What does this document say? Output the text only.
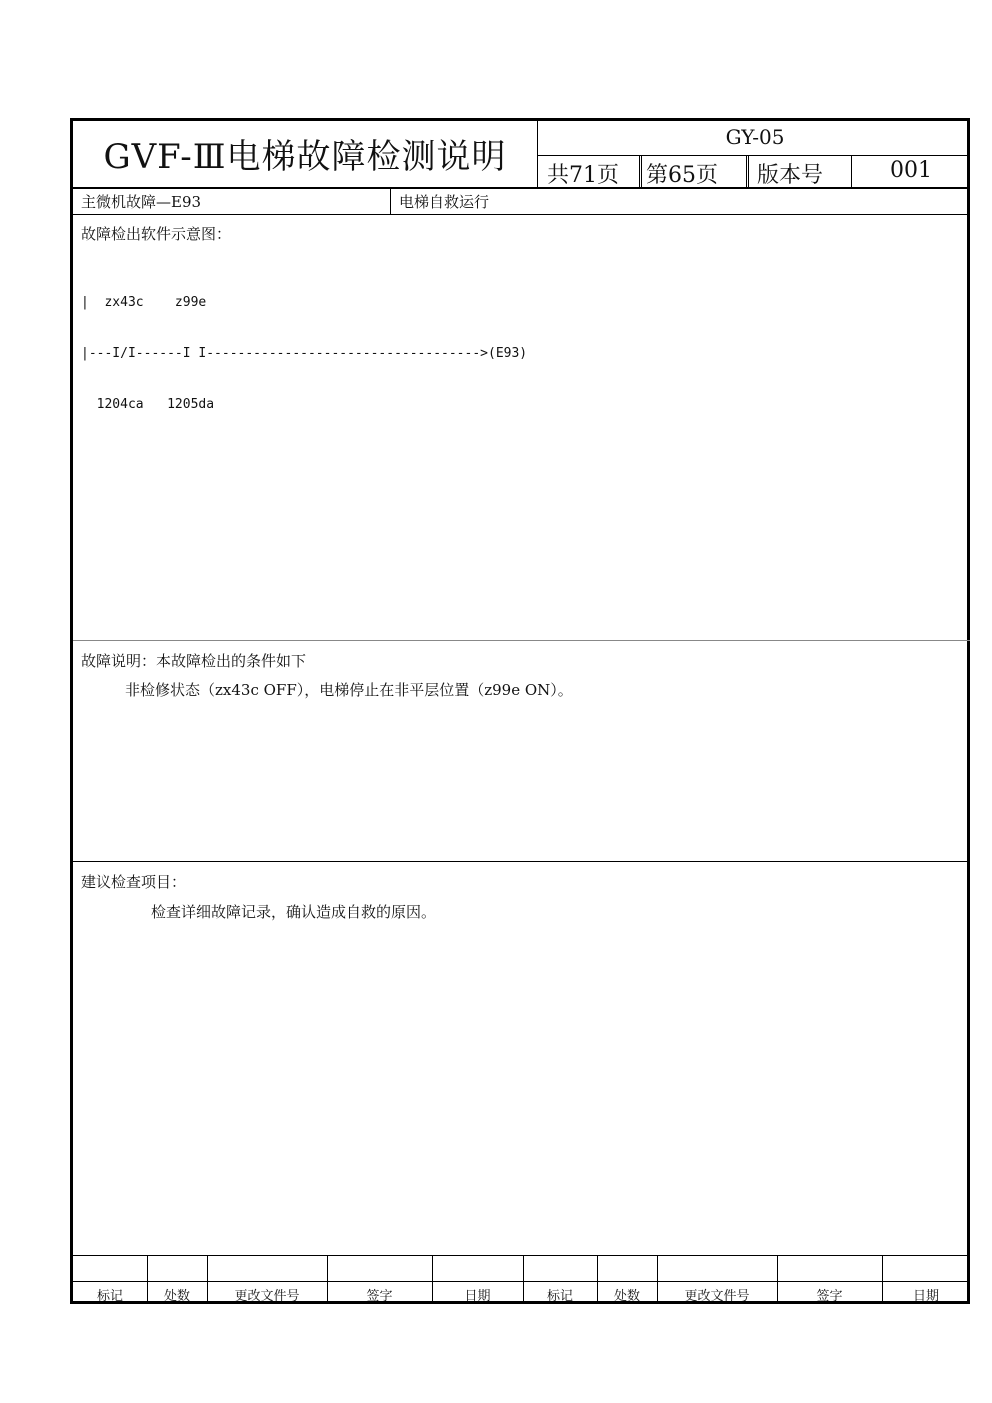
GVF-Ⅲ电梯故障检测说明	GY-05
共71页 第65页 版本号	001
主微机故障—E93	电梯自救运行
故障检出软件示意图：

|  zx43c    z99e

|---I/I------I I----------------------------------->(E93)

1204ca   1205da

故障说明：本故障检出的条件如下
非检修状态（zx43c OFF），电梯停止在非平层位置（z99e ON）。
建议检查项目：
检查详细故障记录，确认造成自救的原因。
标记	处数	更改文件号	签字	日期	标记	处数	更改文件号	签字	日期
